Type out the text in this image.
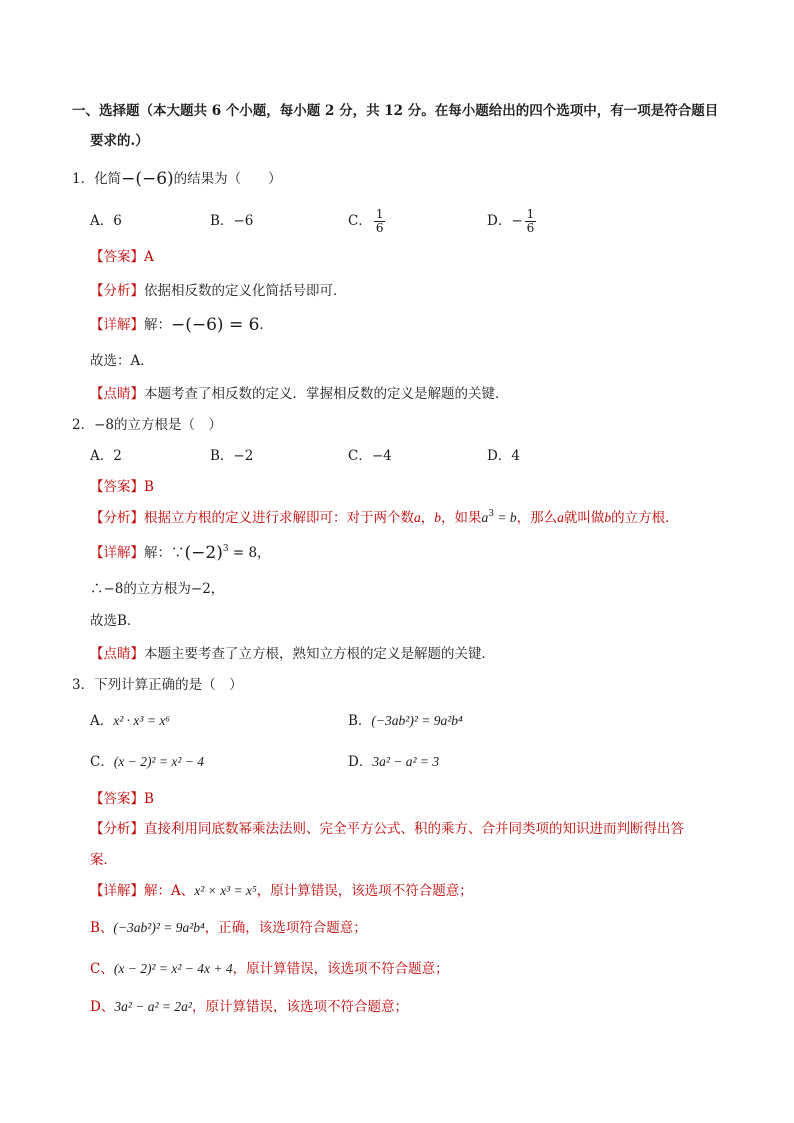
一、选择题（本大题共 6 个小题，每小题 2 分，共 12 分。在每小题给出的四个选项中，有一项是符合题目
要求的.）
1．化简−(−6)的结果为（　　）
A．6	B．−6	C． $\frac{1}{6}$	D．− $\frac{1}{6}$
【答案】A
【分析】依据相反数的定义化简括号即可．
【详解】解：−(−6) = 6．
故选：A．
【点睛】本题考查了相反数的定义．掌握相反数的定义是解题的关键．
2．−8的立方根是（　）
A．2	B．−2	C．−4	D．4
【答案】B
【分析】根据立方根的定义进行求解即可：对于两个数a，b，如果$a^3 = b$，那么a就叫做b的立方根．
【详解】解：$\because(-2)^3 = 8$，
∴−8的立方根为−2，
故选B．
【点睛】本题主要考查了立方根，熟知立方根的定义是解题的关键．
3．下列计算正确的是（　）
A．x² · x³ = x⁶	B．(−3ab²)² = 9a²b⁴
C．(x − 2)² = x² − 4	D．3a² − a² = 3
【答案】B
【分析】直接利用同底数幂乘法法则、完全平方公式、积的乘方、合并同类项的知识进而判断得出答
案．
【详解】解：A、x² × x³ = x⁵，原计算错误，该选项不符合题意；
B、(−3ab²)² = 9a²b⁴，正确，该选项符合题意；
C、(x − 2)² = x² − 4x + 4，原计算错误，该选项不符合题意；
D、3a² − a² = 2a²，原计算错误，该选项不符合题意；
